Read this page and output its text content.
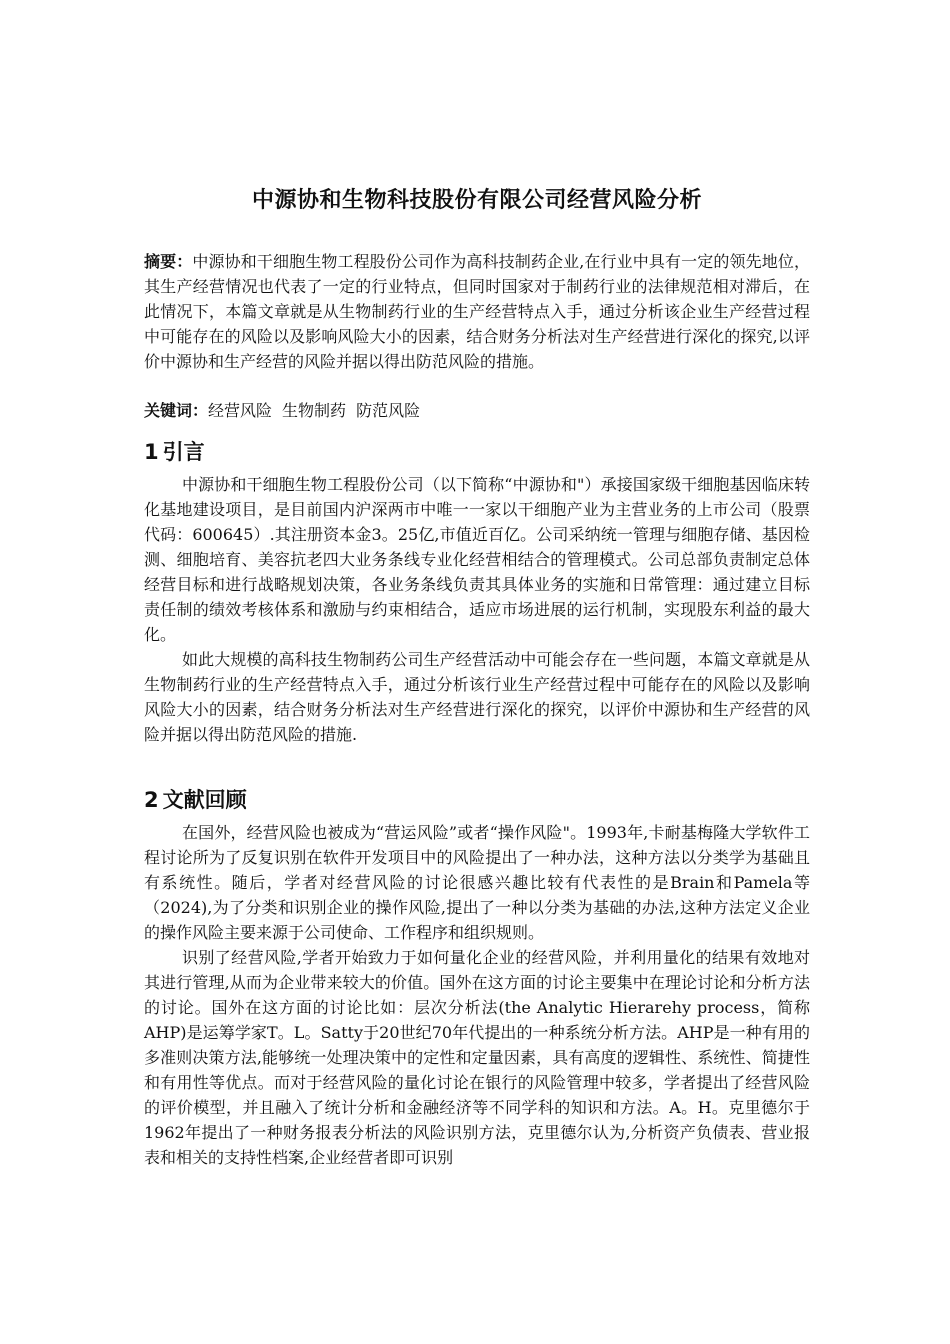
中源协和生物科技股份有限公司经营风险分析
摘要：中源协和干细胞生物工程股份公司作为高科技制药企业,在行业中具有一定的领先地位，其生产经营情况也代表了一定的行业特点，但同时国家对于制药行业的法律规范相对滞后，在此情况下，本篇文章就是从生物制药行业的生产经营特点入手，通过分析该企业生产经营过程中可能存在的风险以及影响风险大小的因素，结合财务分析法对生产经营进行深化的探究,以评价中源协和生产经营的风险并据以得出防范风险的措施。
关键词：经营风险 生物制药 防范风险
1 引言

中源协和干细胞生物工程股份公司（以下简称“中源协和"）承接国家级干细胞基因临床转化基地建设项目，是目前国内沪深两市中唯一一家以干细胞产业为主营业务的上市公司（股票代码：600645）.其注册资本金3。25亿,市值近百亿。公司采纳统一管理与细胞存储、基因检测、细胞培育、美容抗老四大业务条线专业化经营相结合的管理模式。公司总部负责制定总体经营目标和进行战略规划决策，各业务条线负责其具体业务的实施和日常管理：通过建立目标责任制的绩效考核体系和激励与约束相结合，适应市场进展的运行机制，实现股东利益的最大化。

如此大规模的高科技生物制药公司生产经营活动中可能会存在一些问题，本篇文章就是从生物制药行业的生产经营特点入手，通过分析该行业生产经营过程中可能存在的风险以及影响风险大小的因素，结合财务分析法对生产经营进行深化的探究，以评价中源协和生产经营的风险并据以得出防范风险的措施.

2 文献回顾

在国外，经营风险也被成为“营运风险”或者“操作风险"。1993年,卡耐基梅隆大学软件工程讨论所为了反复识别在软件开发项目中的风险提出了一种办法，这种方法以分类学为基础且有系统性。随后，学者对经营风险的讨论很感兴趣比较有代表性的是Brain和Pamela等（2024),为了分类和识别企业的操作风险,提出了一种以分类为基础的办法,这种方法定义企业的操作风险主要来源于公司使命、工作程序和组织规则。

识别了经营风险,学者开始致力于如何量化企业的经营风险，并利用量化的结果有效地对其进行管理,从而为企业带来较大的价值。国外在这方面的讨论主要集中在理论讨论和分析方法的讨论。国外在这方面的讨论比如：层次分析法(the Analytic Hierarehy process，简称AHP)是运筹学家T。L。Satty于20世纪70年代提出的一种系统分析方法。AHP是一种有用的多准则决策方法,能够统一处理决策中的定性和定量因素，具有高度的逻辑性、系统性、简捷性和有用性等优点。而对于经营风险的量化讨论在银行的风险管理中较多，学者提出了经营风险的评价模型，并且融入了统计分析和金融经济等不同学科的知识和方法。A。H。克里德尔于1962年提出了一种财务报表分析法的风险识别方法，克里德尔认为,分析资产负债表、营业报表和相关的支持性档案,企业经营者即可识别
